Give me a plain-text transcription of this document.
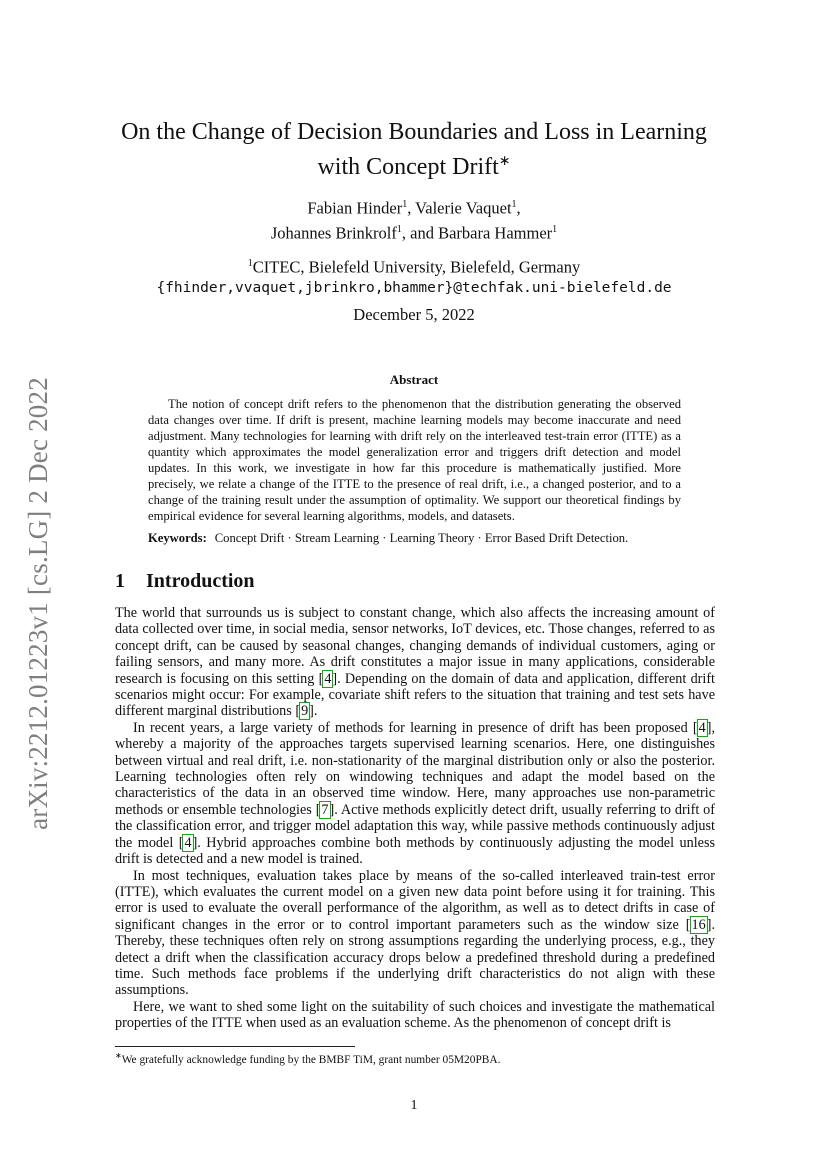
arXiv:2212.01223v1 [cs.LG] 2 Dec 2022
On the Change of Decision Boundaries and Loss in Learning
with Concept Drift∗
Fabian Hinder$^1$, Valerie Vaquet$^1$,
Johannes Brinkrolf$^1$, and Barbara Hammer$^1$
$^1$CITEC, Bielefeld University, Bielefeld, Germany
{fhinder,vvaquet,jbrinkro,bhammer}@techfak.uni-bielefeld.de
December 5, 2022
Abstract

The notion of concept drift refers to the phenomenon that the distribution generating the observed data changes over time. If drift is present, machine learning models may become inaccurate and need adjustment. Many technologies for learning with drift rely on the interleaved test-train error (ITTE) as a quantity which approximates the model generalization error and triggers drift detection and model updates. In this work, we investigate in how far this procedure is mathematically justified. More precisely, we relate a change of the ITTE to the presence of real drift, i.e., a changed posterior, and to a change of the training result under the assumption of optimality. We support our theoretical findings by empirical evidence for several learning algorithms, models, and datasets.

Keywords: Concept Drift · Stream Learning · Learning Theory · Error Based Drift Detection.
1 Introduction

The world that surrounds us is subject to constant change, which also affects the increasing amount of data collected over time, in social media, sensor networks, IoT devices, etc. Those changes, referred to as concept drift, can be caused by seasonal changes, changing demands of individual customers, aging or failing sensors, and many more. As drift constitutes a major issue in many applications, considerable research is focusing on this setting [4]. Depending on the domain of data and application, different drift scenarios might occur: For example, covariate shift refers to the situation that training and test sets have different marginal distributions [9].

In recent years, a large variety of methods for learning in presence of drift has been proposed [4], whereby a majority of the approaches targets supervised learning scenarios. Here, one distinguishes between virtual and real drift, i.e. non-stationarity of the marginal distribution only or also the posterior. Learning technologies often rely on windowing techniques and adapt the model based on the characteristics of the data in an observed time window. Here, many approaches use non-parametric methods or ensemble technologies [7]. Active methods explicitly detect drift, usually referring to drift of the classification error, and trigger model adaptation this way, while passive methods continuously adjust the model [4]. Hybrid approaches combine both methods by continuously adjusting the model unless drift is detected and a new model is trained.

In most techniques, evaluation takes place by means of the so-called interleaved train-test error (ITTE), which evaluates the current model on a given new data point before using it for training. This error is used to evaluate the overall performance of the algorithm, as well as to detect drifts in case of significant changes in the error or to control important parameters such as the window size [16]. Thereby, these techniques often rely on strong assumptions regarding the underlying process, e.g., they detect a drift when the classification accuracy drops below a predefined threshold during a predefined time. Such methods face problems if the underlying drift characteristics do not align with these assumptions.

Here, we want to shed some light on the suitability of such choices and investigate the mathematical properties of the ITTE when used as an evaluation scheme. As the phenomenon of concept drift is

∗We gratefully acknowledge funding by the BMBF TiM, grant number 05M20PBA.
1
